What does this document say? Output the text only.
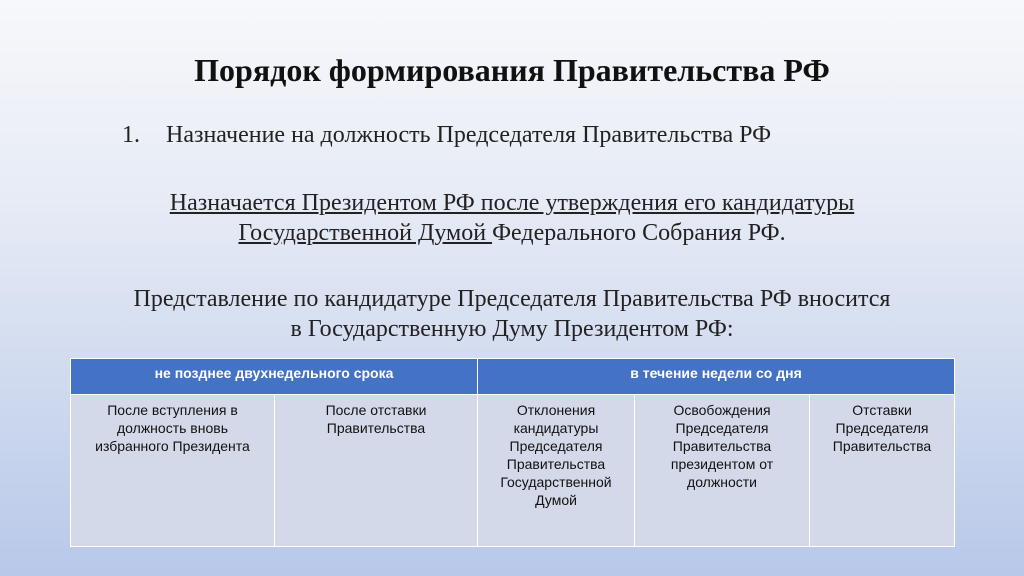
Порядок формирования Правительства РФ
1. Назначение на должность Председателя Правительства РФ
Назначается Президентом РФ после утверждения его кандидатуры
Государственной Думой Федерального Собрания РФ.
Представление по кандидатуре Председателя Правительства РФ вносится
в Государственную Думу Президентом РФ:
не позднее двухнедельного срока		в течение недели со дня		
После вступления в должность вновь избранного Президента	После отставки Правительства	Отклонения кандидатуры Председателя Правительства Государственной Думой	Освобождения Председателя Правительства президентом от должности	Отставки Председателя Правительства
